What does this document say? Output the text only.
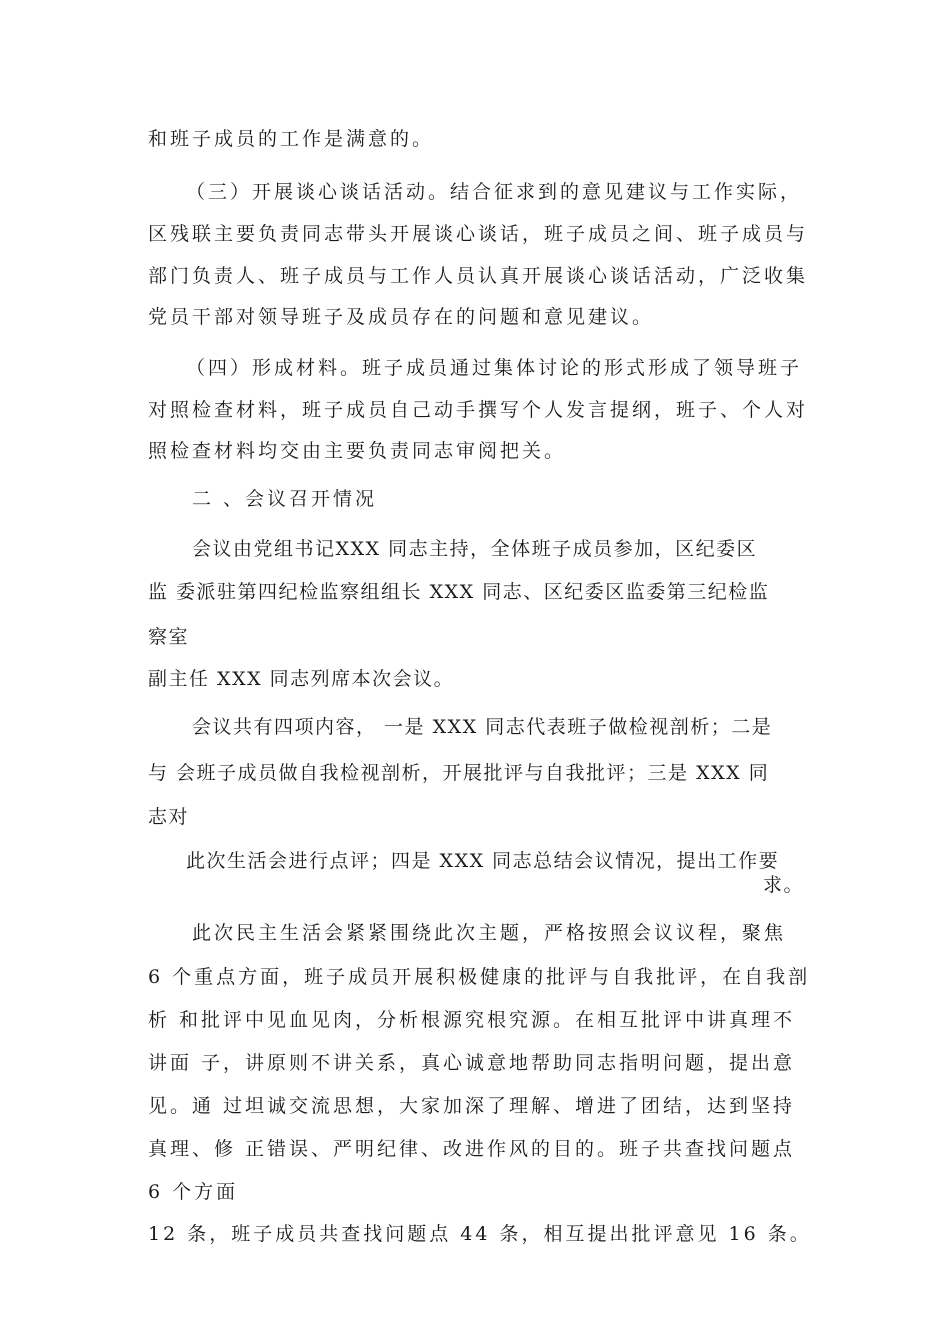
和班子成员的工作是满意的。
（三）开展谈心谈话活动。结合征求到的意见建议与工作实际，
区残联主要负责同志带头开展谈心谈话，班子成员之间、班子成员与
部门负责人、班子成员与工作人员认真开展谈心谈话活动，广泛收集
党员干部对领导班子及成员存在的问题和意见建议。
（四）形成材料。班子成员通过集体讨论的形式形成了领导班子
对照检查材料，班子成员自己动手撰写个人发言提纲，班子、个人对
照检查材料均交由主要负责同志审阅把关。
二 、会议召开情况
会议由党组书记XXX 同志主持，全体班子成员参加，区纪委区
监 委派驻第四纪检监察组组长 XXX 同志、区纪委区监委第三纪检监
察室
副主任 XXX 同志列席本次会议。
会议共有四项内容， 一是 XXX 同志代表班子做检视剖析；二是
与 会班子成员做自我检视剖析，开展批评与自我批评；三是 XXX 同
志对
此次生活会进行点评；四是 XXX 同志总结会议情况，提出工作要
求。
此次民主生活会紧紧围绕此次主题，严格按照会议议程，聚焦
6 个重点方面，班子成员开展积极健康的批评与自我批评，在自我剖
析 和批评中见血见肉，分析根源究根究源。在相互批评中讲真理不
讲面 子，讲原则不讲关系，真心诚意地帮助同志指明问题，提出意
见。通 过坦诚交流思想，大家加深了理解、增进了团结，达到坚持
真理、修 正错误、严明纪律、改进作风的目的。班子共查找问题点
6 个方面
12 条，班子成员共查找问题点 44 条，相互提出批评意见 16 条。
